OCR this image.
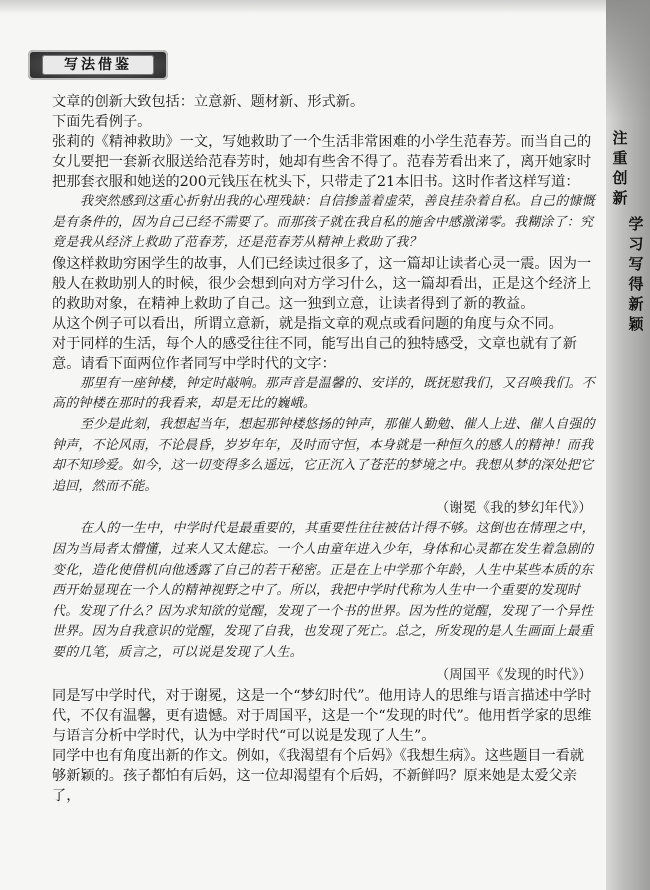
注重创新
学习写得新颖
写法借鉴

文章的创新大致包括：立意新、题材新、形式新。

下面先看例子。

张莉的《精神救助》一文，写她救助了一个生活非常困难的小学生范春芳。而当自己的女儿要把一套新衣服送给范春芳时，她却有些舍不得了。范春芳看出来了，离开她家时把那套衣服和她送的200元钱压在枕头下，只带走了21本旧书。这时作者这样写道：

我突然感到这重心折射出我的心理残缺：自信掺盖着虚荣，善良挂杂着自私。自己的慷慨是有条件的，因为自己已经不需要了。而那孩子就在我自私的施舍中感激涕零。我糊涂了：究竟是我从经济上救助了范春芳，还是范春芳从精神上救助了我？

像这样救助穷困学生的故事，人们已经读过很多了，这一篇却让读者心灵一震。因为一般人在救助别人的时候，很少会想到向对方学习什么，这一篇却看出，正是这个经济上的救助对象，在精神上救助了自己。这一独到立意，让读者得到了新的教益。

从这个例子可以看出，所谓立意新，就是指文章的观点或看问题的角度与众不同。

对于同样的生活，每个人的感受往往不同，能写出自己的独特感受，文章也就有了新意。请看下面两位作者同写中学时代的文字：

那里有一座钟楼，钟定时敲响。那声音是温馨的、安详的，既抚慰我们，又召唤我们。不高的钟楼在那时的我看来，却是无比的巍峨。

至少是此刻，我想起当年，想起那钟楼悠扬的钟声，那催人勤勉、催人上进、催人自强的钟声，不论风雨，不论晨昏，岁岁年年，及时而守恒，本身就是一种恒久的感人的精神！而我却不知珍爱。如今，这一切变得多么遥远，它正沉入了苍茫的梦境之中。我想从梦的深处把它追回，然而不能。

（谢冕《我的梦幻年代》）

在人的一生中，中学时代是最重要的，其重要性往往被估计得不够。这倒也在情理之中，因为当局者太懵懂，过来人又太健忘。一个人由童年进入少年，身体和心灵都在发生着急剧的变化，造化使借机向他透露了自己的若干秘密。正是在上中学那个年龄，人生中某些本质的东西开始显现在一个人的精神视野之中了。所以，我把中学时代称为人生中一个重要的发现时代。发现了什么？因为求知欲的觉醒，发现了一个书的世界。因为性的觉醒，发现了一个异性世界。因为自我意识的觉醒，发现了自我，也发现了死亡。总之，所发现的是人生画面上最重要的几笔，质言之，可以说是发现了人生。

（周国平《发现的时代》）

同是写中学时代，对于谢冕，这是一个“梦幻时代”。他用诗人的思维与语言描述中学时代，不仅有温馨，更有遗憾。对于周国平，这是一个“发现的时代”。他用哲学家的思维与语言分析中学时代，认为中学时代“可以说是发现了人生”。

同学中也有角度出新的作文。例如，《我渴望有个后妈》《我想生病》。这些题目一看就够新颖的。孩子都怕有后妈，这一位却渴望有个后妈，不新鲜吗？原来她是太爱父亲了，
